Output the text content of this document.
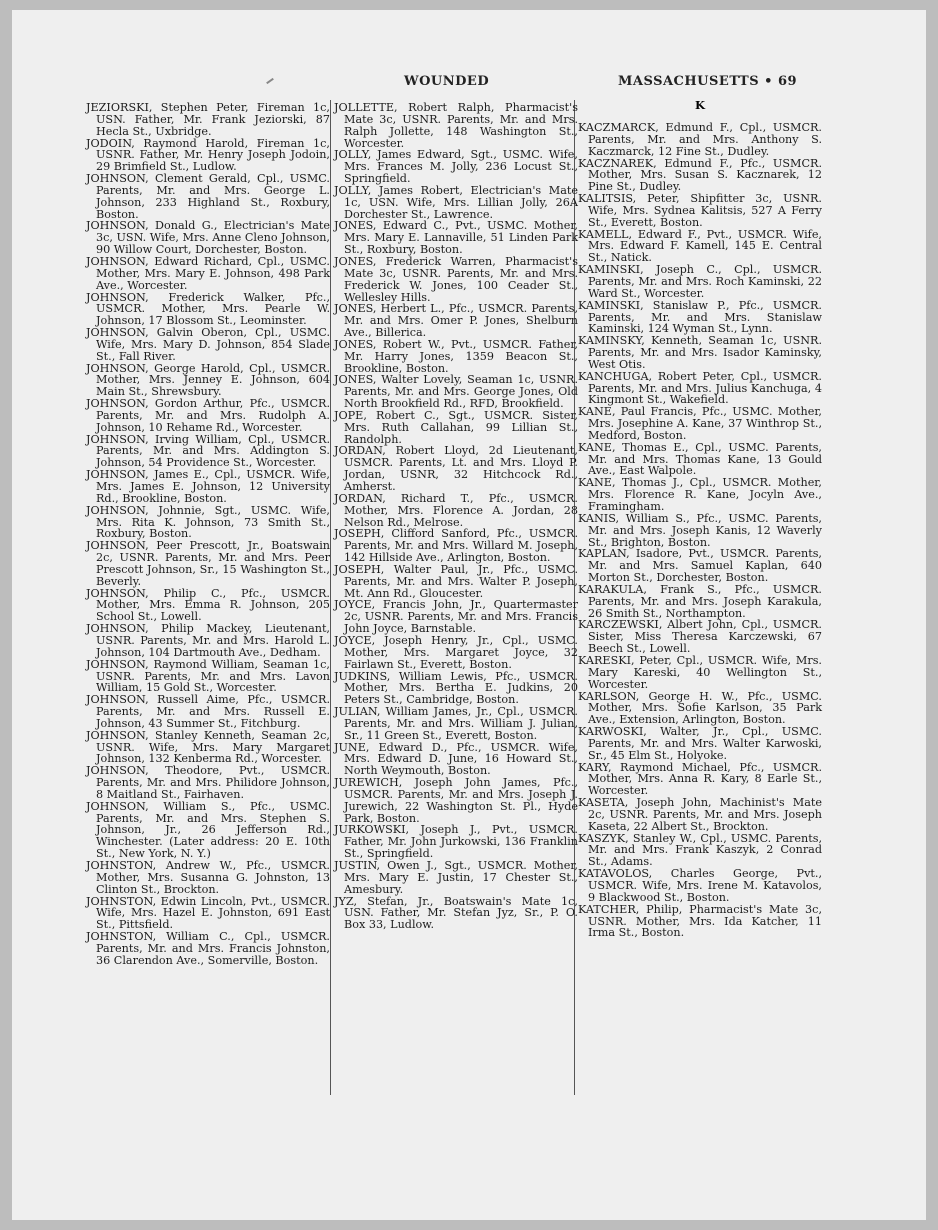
WOUNDED	MASSACHUSETTS • 69
K
JEZIORSKI, Stephen Peter, Fireman 1c, USN. Father, Mr. Frank Jeziorski, 87 Hecla St., Uxbridge.
JODOIN, Raymond Harold, Fireman 1c, USNR. Father, Mr. Henry Joseph Jodoin, 29 Brimfield St., Ludlow.
JOHNSON, Clement Gerald, Cpl., USMC. Parents, Mr. and Mrs. George L. Johnson, 233 Highland St., Roxbury, Boston.
JOHNSON, Donald G., Electrician's Mate 3c, USN. Wife, Mrs. Anne Cleno Johnson, 90 Willow Court, Dorchester, Boston.
JOHNSON, Edward Richard, Cpl., USMC. Mother, Mrs. Mary E. Johnson, 498 Park Ave., Worcester.
JOHNSON, Frederick Walker, Pfc., USMCR. Mother, Mrs. Pearle W. Johnson, 17 Blossom St., Leominster.
JOHNSON, Galvin Oberon, Cpl., USMC. Wife, Mrs. Mary D. Johnson, 854 Slade St., Fall River.
JOHNSON, George Harold, Cpl., USMCR. Mother, Mrs. Jenney E. Johnson, 604 Main St., Shrewsbury.
JOHNSON, Gordon Arthur, Pfc., USMCR. Parents, Mr. and Mrs. Rudolph A. Johnson, 10 Rehame Rd., Worcester.
JOHNSON, Irving William, Cpl., USMCR. Parents, Mr. and Mrs. Addington S. Johnson, 54 Providence St., Worcester.
JOHNSON, James E., Cpl., USMCR. Wife, Mrs. James E. Johnson, 12 University Rd., Brookline, Boston.
JOHNSON, Johnnie, Sgt., USMC. Wife, Mrs. Rita K. Johnson, 73 Smith St., Roxbury, Boston.
JOHNSON, Peer Prescott, Jr., Boatswain 2c, USNR. Parents, Mr. and Mrs. Peer Prescott Johnson, Sr., 15 Washington St., Beverly.
JOHNSON, Philip C., Pfc., USMCR. Mother, Mrs. Emma R. Johnson, 205 School St., Lowell.
JOHNSON, Philip Mackey, Lieutenant, USNR. Parents, Mr. and Mrs. Harold L. Johnson, 104 Dartmouth Ave., Dedham.
JOHNSON, Raymond William, Seaman 1c, USNR. Parents, Mr. and Mrs. Lavon William, 15 Gold St., Worcester.
JOHNSON, Russell Aime, Pfc., USMCR. Parents, Mr. and Mrs. Russell E. Johnson, 43 Summer St., Fitchburg.
JOHNSON, Stanley Kenneth, Seaman 2c, USNR. Wife, Mrs. Mary Margaret Johnson, 132 Kenberma Rd., Worcester.
JOHNSON, Theodore, Pvt., USMCR. Parents, Mr. and Mrs. Philidore Johnson, 8 Maitland St., Fairhaven.
JOHNSON, William S., Pfc., USMC. Parents, Mr. and Mrs. Stephen S. Johnson, Jr., 26 Jefferson Rd., Winchester. (Later address: 20 E. 10th St., New York, N. Y.)
JOHNSTON, Andrew W., Pfc., USMCR. Mother, Mrs. Susanna G. Johnston, 13 Clinton St., Brockton.
JOHNSTON, Edwin Lincoln, Pvt., USMCR. Wife, Mrs. Hazel E. Johnston, 691 East St., Pittsfield.
JOHNSTON, William C., Cpl., USMCR. Parents, Mr. and Mrs. Francis Johnston, 36 Clarendon Ave., Somerville, Boston.
JOLLETTE, Robert Ralph, Pharmacist's Mate 3c, USNR. Parents, Mr. and Mrs. Ralph Jollette, 148 Washington St., Worcester.
JOLLY, James Edward, Sgt., USMC. Wife, Mrs. Frances M. Jolly, 236 Locust St., Springfield.
JOLLY, James Robert, Electrician's Mate 1c, USN. Wife, Mrs. Lillian Jolly, 26A Dorchester St., Lawrence.
JONES, Edward C., Pvt., USMC. Mother, Mrs. Mary E. Lannaville, 51 Linden Park St., Roxbury, Boston.
JONES, Frederick Warren, Pharmacist's Mate 3c, USNR. Parents, Mr. and Mrs. Frederick W. Jones, 100 Ceader St., Wellesley Hills.
JONES, Herbert L., Pfc., USMCR. Parents, Mr. and Mrs. Omer P. Jones, Shelburn Ave., Billerica.
JONES, Robert W., Pvt., USMCR. Father, Mr. Harry Jones, 1359 Beacon St., Brookline, Boston.
JONES, Walter Lovely, Seaman 1c, USNR. Parents, Mr. and Mrs. George Jones, Old North Brookfield Rd., RFD, Brookfield.
JOPE, Robert C., Sgt., USMCR. Sister, Mrs. Ruth Callahan, 99 Lillian St., Randolph.
JORDAN, Robert Lloyd, 2d Lieutenant, USMCR. Parents, Lt. and Mrs. Lloyd P. Jordan, USNR, 32 Hitchcock Rd., Amherst.
JORDAN, Richard T., Pfc., USMCR. Mother, Mrs. Florence A. Jordan, 28 Nelson Rd., Melrose.
JOSEPH, Clifford Sanford, Pfc., USMCR. Parents, Mr. and Mrs. Willard M. Joseph, 142 Hillside Ave., Arlington, Boston.
JOSEPH, Walter Paul, Jr., Pfc., USMC. Parents, Mr. and Mrs. Walter P. Joseph, Mt. Ann Rd., Gloucester.
JOYCE, Francis John, Jr., Quartermaster 2c, USNR. Parents, Mr. and Mrs. Francis John Joyce, Barnstable.
JOYCE, Joseph Henry, Jr., Cpl., USMC. Mother, Mrs. Margaret Joyce, 32 Fairlawn St., Everett, Boston.
JUDKINS, William Lewis, Pfc., USMCR. Mother, Mrs. Bertha E. Judkins, 20 Peters St., Cambridge, Boston.
JULIAN, William James, Jr., Cpl., USMCR. Parents, Mr. and Mrs. William J. Julian, Sr., 11 Green St., Everett, Boston.
JUNE, Edward D., Pfc., USMCR. Wife, Mrs. Edward D. June, 16 Howard St., North Weymouth, Boston.
JUREWICH, Joseph John James, Pfc., USMCR. Parents, Mr. and Mrs. Joseph J. Jurewich, 22 Washington St. Pl., Hyde Park, Boston.
JURKOWSKI, Joseph J., Pvt., USMCR. Father, Mr. John Jurkowski, 136 Franklin St., Springfield.
JUSTIN, Owen J., Sgt., USMCR. Mother, Mrs. Mary E. Justin, 17 Chester St., Amesbury.
JYZ, Stefan, Jr., Boatswain's Mate 1c, USN. Father, Mr. Stefan Jyz, Sr., P. O. Box 33, Ludlow.
KACZMARCK, Edmund F., Cpl., USMCR. Parents, Mr. and Mrs. Anthony S. Kaczmarck, 12 Fine St., Dudley.
KACZNAREK, Edmund F., Pfc., USMCR. Mother, Mrs. Susan S. Kacznarek, 12 Pine St., Dudley.
KALITSIS, Peter, Shipfitter 3c, USNR. Wife, Mrs. Sydnea Kalitsis, 527 A Ferry St., Everett, Boston.
KAMELL, Edward F., Pvt., USMCR. Wife, Mrs. Edward F. Kamell, 145 E. Central St., Natick.
KAMINSKI, Joseph C., Cpl., USMCR. Parents, Mr. and Mrs. Roch Kaminski, 22 Ward St., Worcester.
KAMINSKI, Stanislaw P., Pfc., USMCR. Parents, Mr. and Mrs. Stanislaw Kaminski, 124 Wyman St., Lynn.
KAMINSKY, Kenneth, Seaman 1c, USNR. Parents, Mr. and Mrs. Isador Kaminsky, West Otis.
KANCHUGA, Robert Peter, Cpl., USMCR. Parents, Mr. and Mrs. Julius Kanchuga, 4 Kingmont St., Wakefield.
KANE, Paul Francis, Pfc., USMC. Mother, Mrs. Josephine A. Kane, 37 Winthrop St., Medford, Boston.
KANE, Thomas E., Cpl., USMC. Parents, Mr. and Mrs. Thomas Kane, 13 Gould Ave., East Walpole.
KANE, Thomas J., Cpl., USMCR. Mother, Mrs. Florence R. Kane, Jocyln Ave., Framingham.
KANIS, William S., Pfc., USMC. Parents, Mr. and Mrs. Joseph Kanis, 12 Waverly St., Brighton, Boston.
KAPLAN, Isadore, Pvt., USMCR. Parents, Mr. and Mrs. Samuel Kaplan, 640 Morton St., Dorchester, Boston.
KARAKULA, Frank S., Pfc., USMCR. Parents, Mr. and Mrs. Joseph Karakula, 26 Smith St., Northampton.
KARCZEWSKI, Albert John, Cpl., USMCR. Sister, Miss Theresa Karczewski, 67 Beech St., Lowell.
KARESKI, Peter, Cpl., USMCR. Wife, Mrs. Mary Kareski, 40 Wellington St., Worcester.
KARLSON, George H. W., Pfc., USMC. Mother, Mrs. Sofie Karlson, 35 Park Ave., Extension, Arlington, Boston.
KARWOSKI, Walter, Jr., Cpl., USMC. Parents, Mr. and Mrs. Walter Karwoski, Sr., 45 Elm St., Holyoke.
KARY, Raymond Michael, Pfc., USMCR. Mother, Mrs. Anna R. Kary, 8 Earle St., Worcester.
KASETA, Joseph John, Machinist's Mate 2c, USNR. Parents, Mr. and Mrs. Joseph Kaseta, 22 Albert St., Brockton.
KASZYK, Stanley W., Cpl., USMC. Parents, Mr. and Mrs. Frank Kaszyk, 2 Conrad St., Adams.
KATAVOLOS, Charles George, Pvt., USMCR. Wife, Mrs. Irene M. Katavolos, 9 Blackwood St., Boston.
KATCHER, Philip, Pharmacist's Mate 3c, USNR. Mother, Mrs. Ida Katcher, 11 Irma St., Boston.
